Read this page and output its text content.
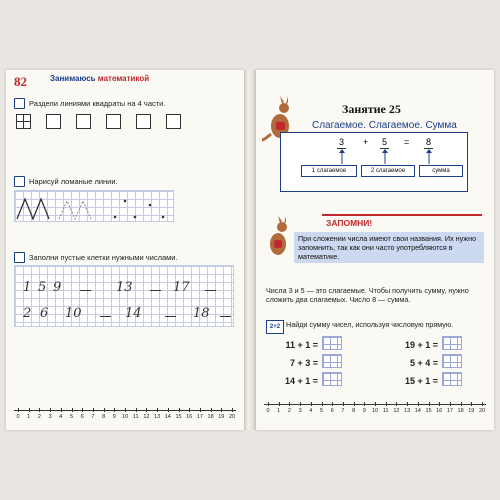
82	Занимаюсь математикой
Раздели линиями квадраты на 4 части.
Нарисуй ломаные линии.
Заполни пустые клетки нужными числами.
1 5 9	13	17
2 6 10	14	18
0	1	2	3	4	5	6	7	8	9	10 11 12 13 14 15 16 17 18 19 20
Занятие 25
Слагаемое. Слагаемое. Сумма
3 + 5 = 8
1 слагаемое	2 слагаемое	сумма
ЗАПОМНИ!
При сложении числа имеют свои названия. Их нужно запомнить, так как они часто употребляются в математике.
Числа 3 и 5 — это слагаемые. Чтобы получить сумму, нужно сложить два слагаемых. Число 8 — сумма.
2+2 Найди сумму чисел, используя числовую прямую.
11 + 1 =
7 + 3 =
14 + 1 =
19 + 1 =
5 + 4 =
15 + 1 =
0	1	2	3	4	5	6	7	8	9	10 11 12 13 14 15 16 17 18 19 20
